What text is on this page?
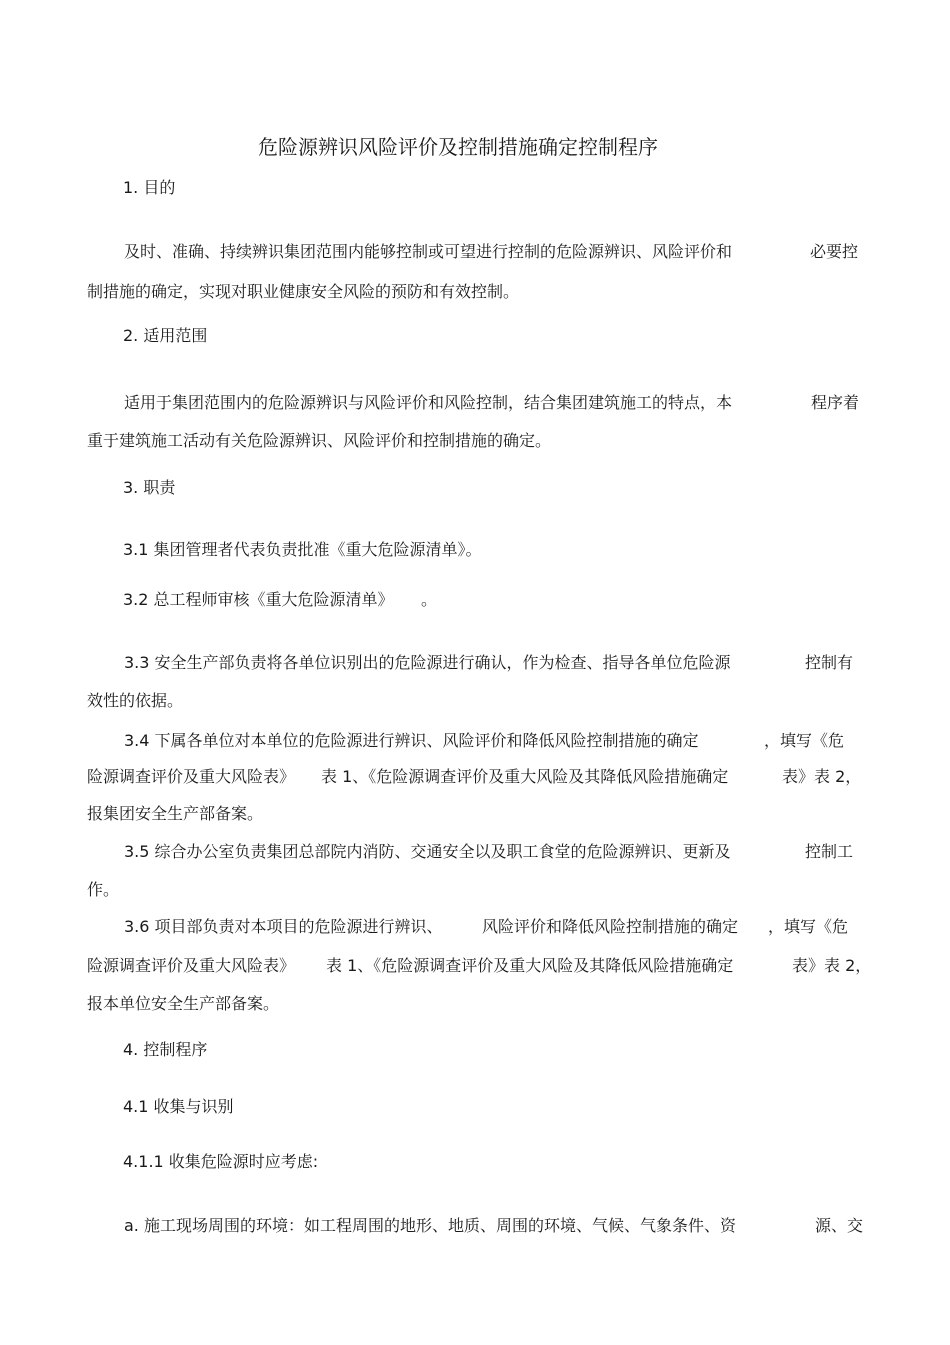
危险源辨识风险评价及控制措施确定控制程序
1. 目的
及时、准确、持续辨识集团范围内能够控制或可望进行控制的危险源辨识、风险评价和	必要控
制措施的确定，实现对职业健康安全风险的预防和有效控制。
2. 适用范围
适用于集团范围内的危险源辨识与风险评价和风险控制，结合集团建筑施工的特点，本	程序着
重于建筑施工活动有关危险源辨识、风险评价和控制措施的确定。
3. 职责
3.1 集团管理者代表负责批准《重大危险源清单》。
3.2 总工程师审核《重大危险源清单》 。
3.3 安全生产部负责将各单位识别出的危险源进行确认，作为检查、指导各单位危险源	控制有
效性的依据。
3.4 下属各单位对本单位的危险源进行辨识、风险评价和降低风险控制措施的确定	，填写《危
险源调查评价及重大风险表》 表 1、《危险源调查评价及重大风险及其降低风险措施确定	表》表 2，
报集团安全生产部备案。
3.5 综合办公室负责集团总部院内消防、交通安全以及职工食堂的危险源辨识、更新及	控制工
作。
3.6 项目部负责对本项目的危险源进行辨识、 风险评价和降低风险控制措施的确定 ，填写《危
险源调查评价及重大风险表》 表 1、《危险源调查评价及重大风险及其降低风险措施确定	表》表 2，
报本单位安全生产部备案。
4. 控制程序
4.1 收集与识别
4.1.1 收集危险源时应考虑:
a. 施工现场周围的环境：如工程周围的地形、地质、周围的环境、气候、气象条件、资	源、交
